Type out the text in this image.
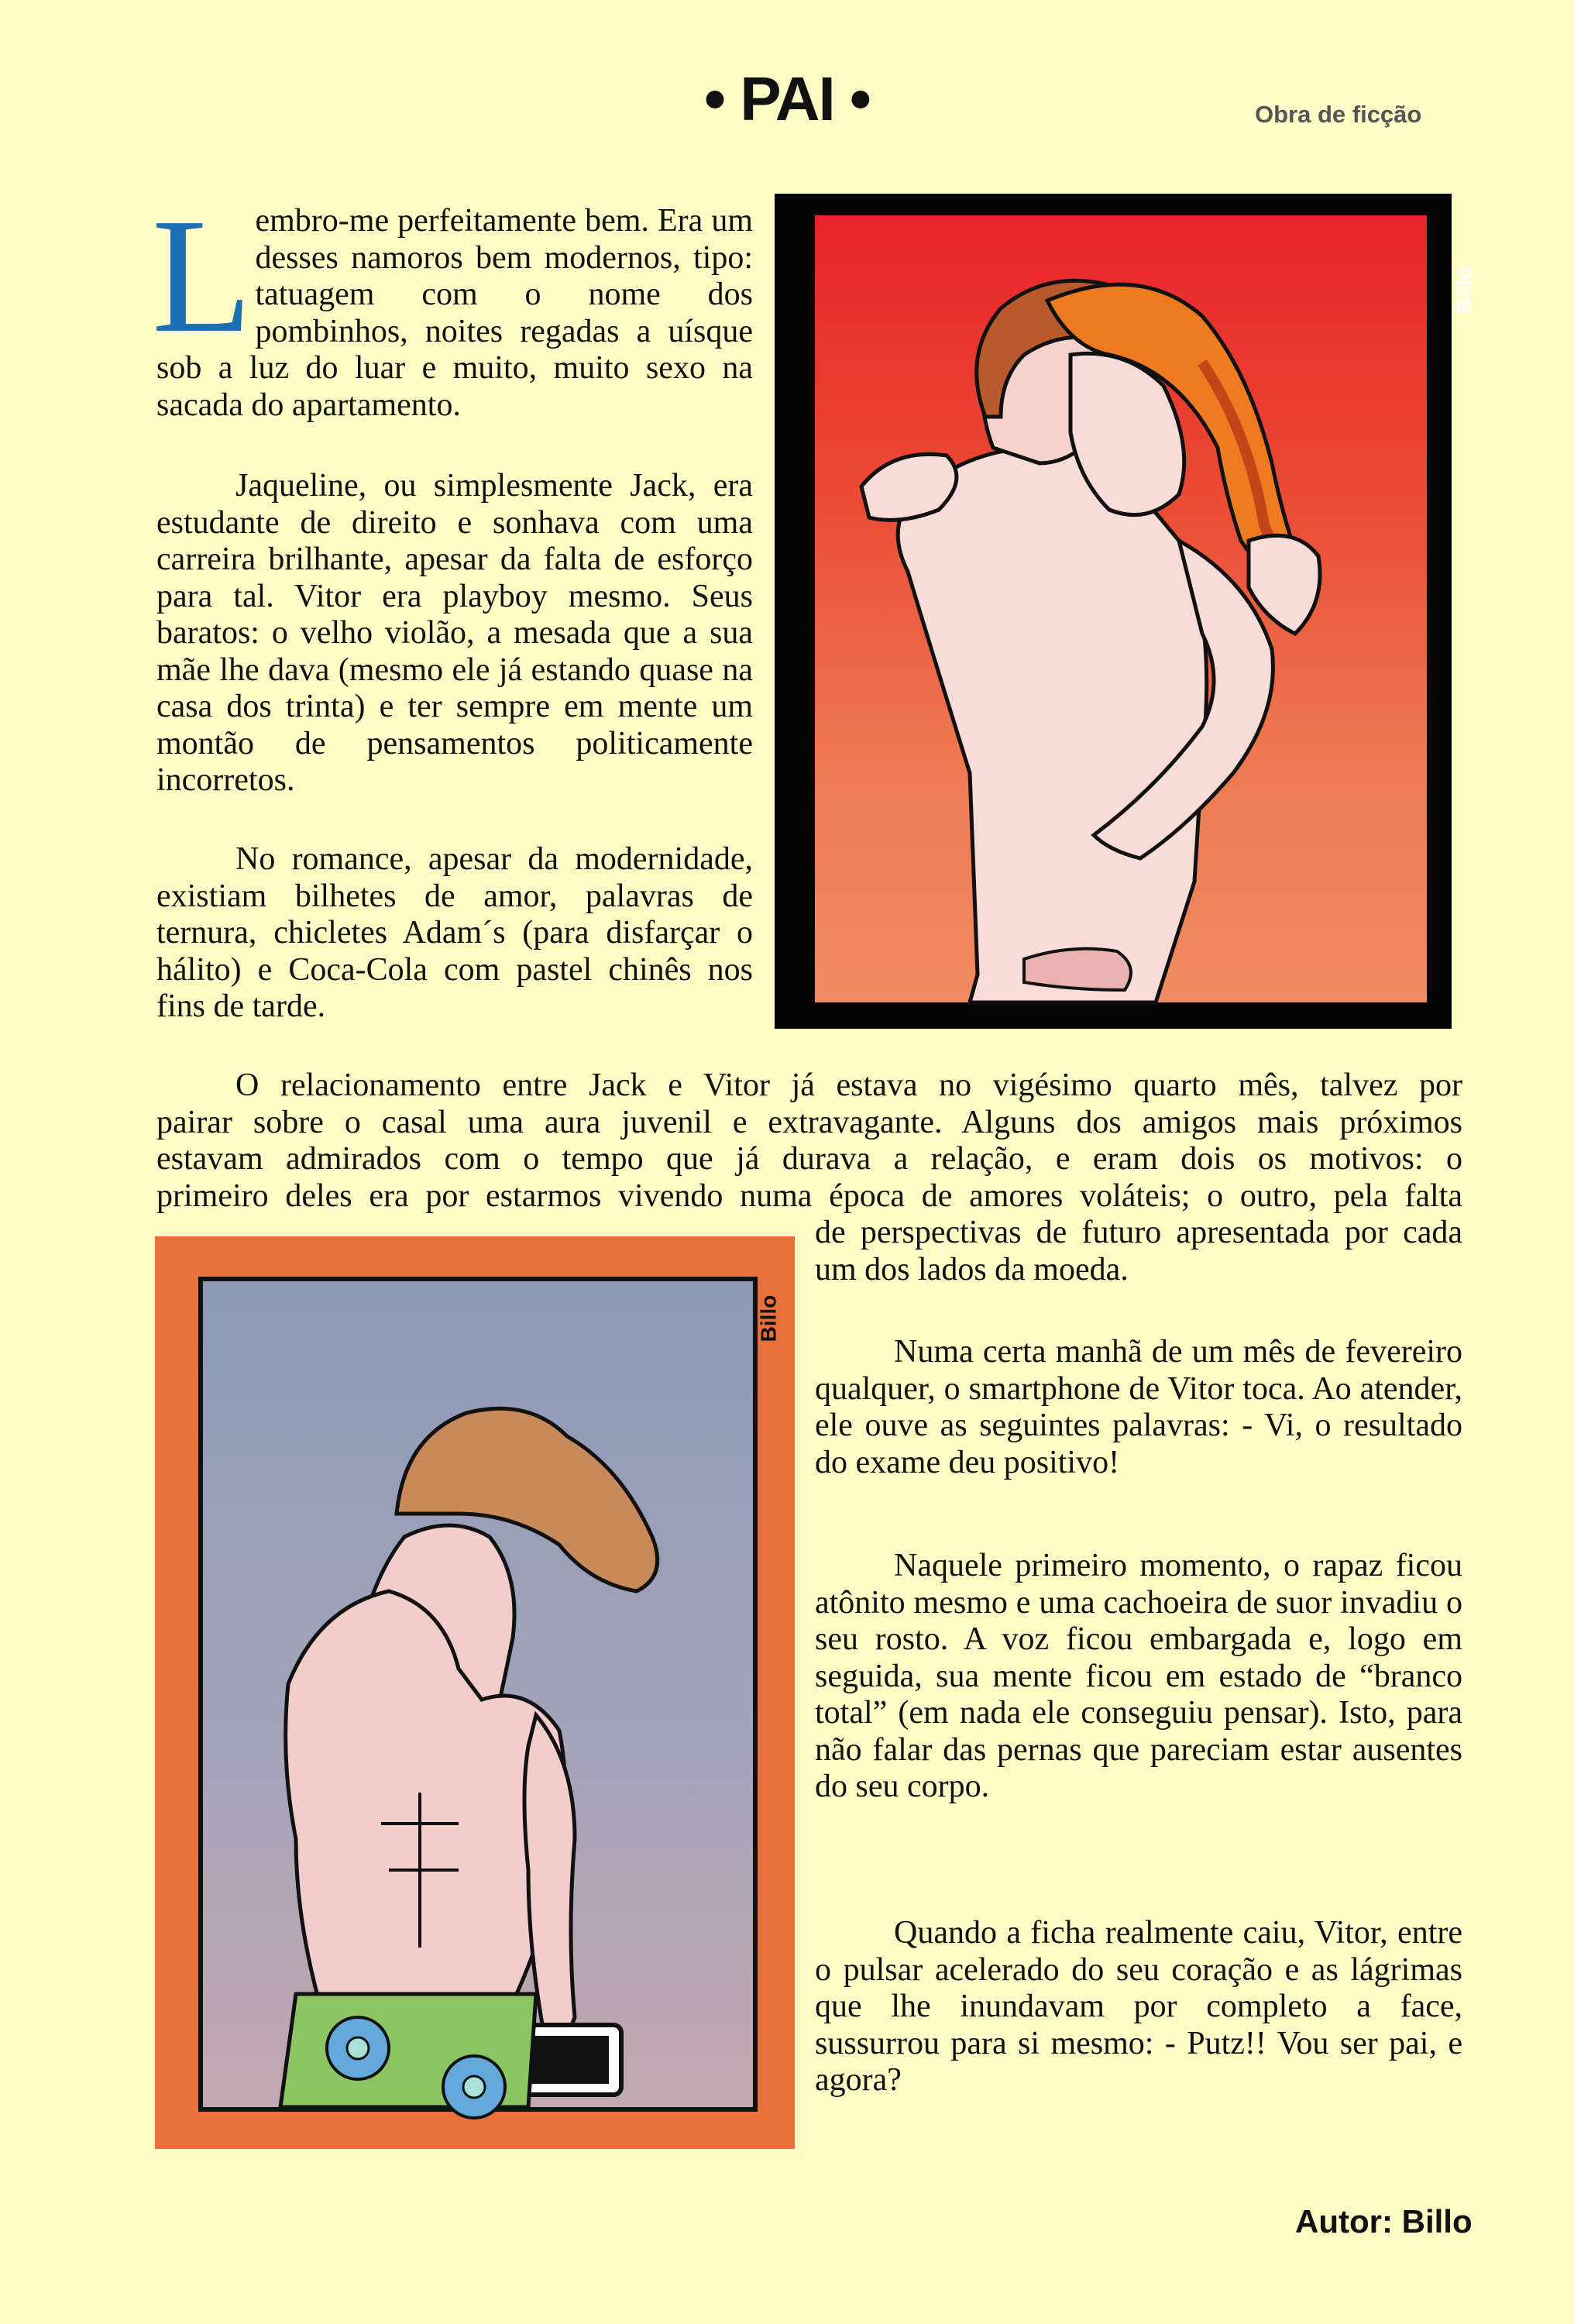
• PAI •	Obra de ficção

Lembro-me perfeitamente bem. Era um desses namoros bem modernos, tipo: tatuagem com o nome dos pombinhos, noites regadas a uísque sob a luz do luar e muito, muito sexo na sacada do apartamento.

Jaqueline, ou simplesmente Jack, era estudante de direito e sonhava com uma carreira brilhante, apesar da falta de esforço para tal. Vitor era playboy mesmo. Seus baratos: o velho violão, a mesada que a sua mãe lhe dava (mesmo ele já estando quase na casa dos trinta) e ter sempre em mente um montão de pensamentos politicamente incorretos.

No romance, apesar da modernidade, existiam bilhetes de amor, palavras de ternura, chicletes Adam´s (para disfarçar o hálito) e Coca-Cola com pastel chinês nos fins de tarde.

Billo
O relacionamento entre Jack e Vitor já estava no vigésimo quarto mês, talvez por
pairar sobre o casal uma aura juvenil e extravagante. Alguns dos amigos mais próximos
estavam admirados com o tempo que já durava a relação, e eram dois os motivos: o
primeiro deles era por estarmos vivendo numa época de amores voláteis; o outro, pela falta

de perspectivas de futuro apresentada por cada um dos lados da moeda.

Numa certa manhã de um mês de fevereiro qualquer, o smartphone de Vitor toca. Ao atender, ele ouve as seguintes palavras: - Vi, o resultado do exame deu positivo!

Naquele primeiro momento, o rapaz ficou atônito mesmo e uma cachoeira de suor invadiu o seu rosto. A voz ficou embargada e, logo em seguida, sua mente ficou em estado de “branco total” (em nada ele conseguiu pensar). Isto, para não falar das pernas que pareciam estar ausentes do seu corpo.

Quando a ficha realmente caiu, Vitor, entre o pulsar acelerado do seu coração e as lágrimas que lhe inundavam por completo a face, sussurrou para si mesmo: - Putz!! Vou ser pai, e agora?

Billo
Autor: Billo
